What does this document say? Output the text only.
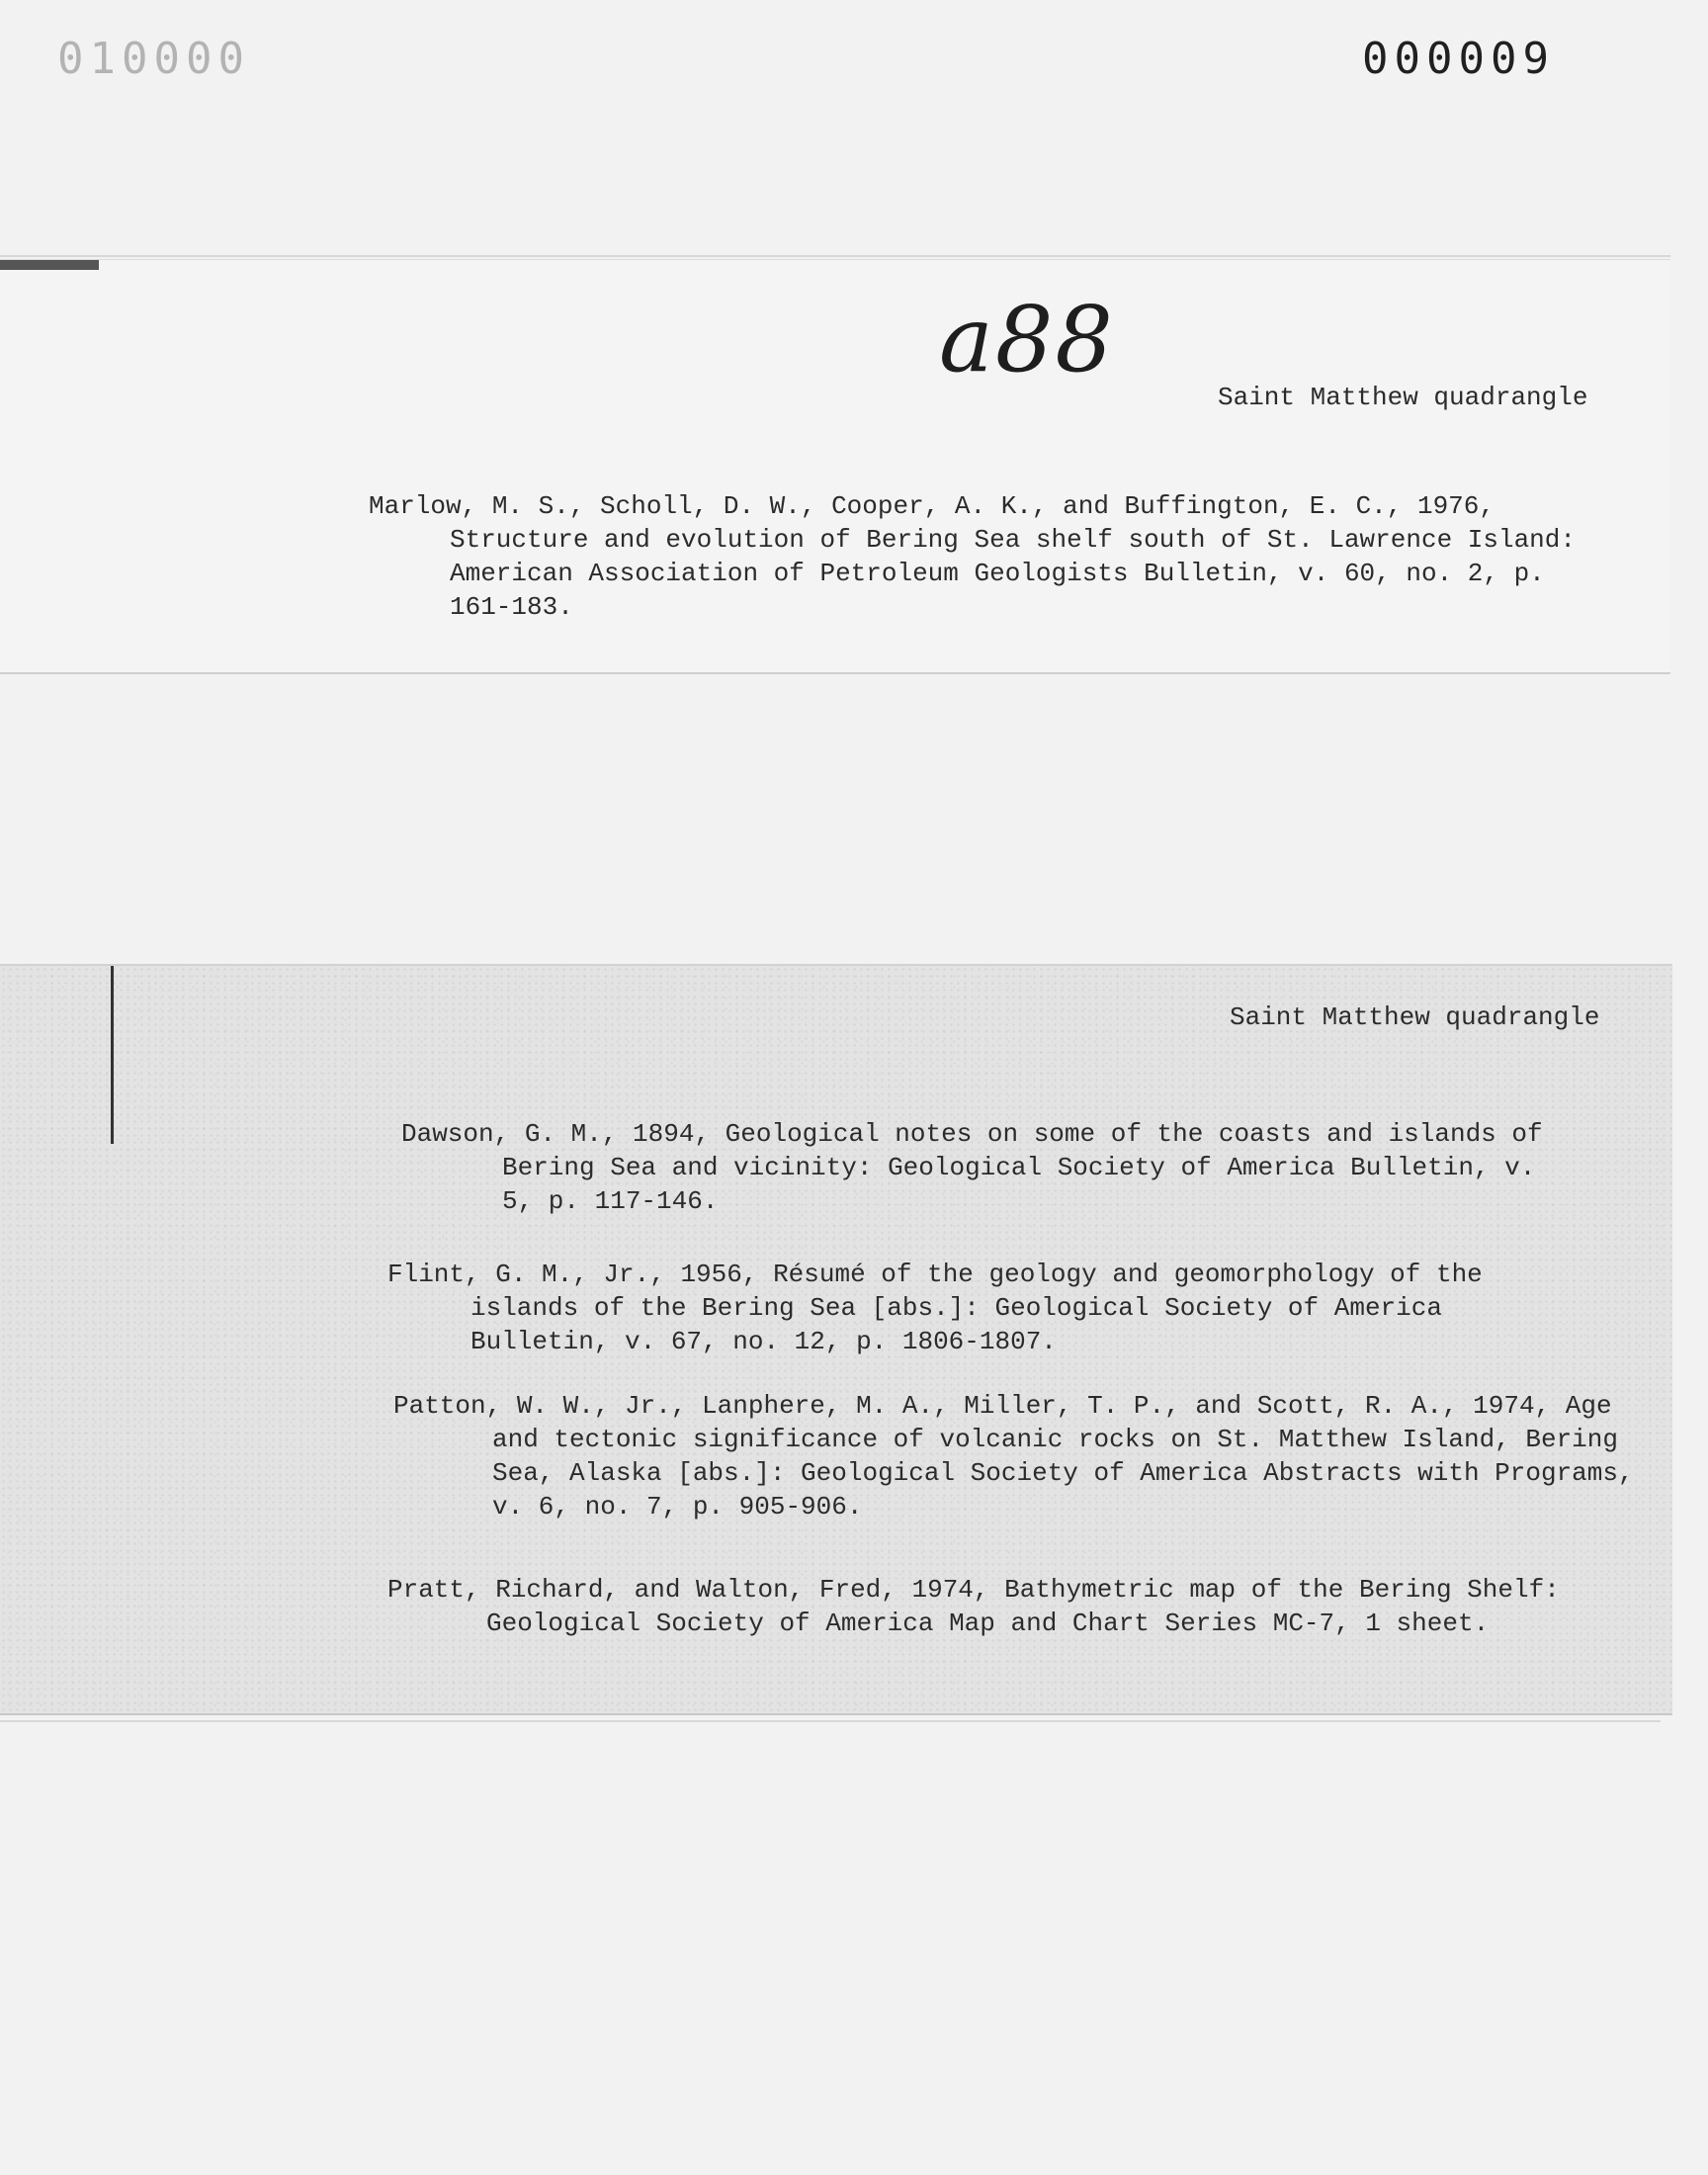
010000	000009
Saint Matthew quadrangle
Marlow, M. S., Scholl, D. W., Cooper, A. K., and Buffington, E. C., 1976, Structure and evolution of Bering Sea shelf south of St. Lawrence Island: American Association of Petroleum Geologists Bulletin, v. 60, no. 2, p. 161-183.
a88
Saint Matthew quadrangle
Dawson, G. M., 1894, Geological notes on some of the coasts and islands of Bering Sea and vicinity: Geological Society of America Bulletin, v. 5, p. 117-146.
Flint, G. M., Jr., 1956, Résumé of the geology and geomorphology of the islands of the Bering Sea [abs.]: Geological Society of America Bulletin, v. 67, no. 12, p. 1806-1807.
Patton, W. W., Jr., Lanphere, M. A., Miller, T. P., and Scott, R. A., 1974, Age and tectonic significance of volcanic rocks on St. Matthew Island, Bering Sea, Alaska [abs.]: Geological Society of America Abstracts with Programs, v. 6, no. 7, p. 905-906.
Pratt, Richard, and Walton, Fred, 1974, Bathymetric map of the Bering Shelf: Geological Society of America Map and Chart Series MC-7, 1 sheet.
